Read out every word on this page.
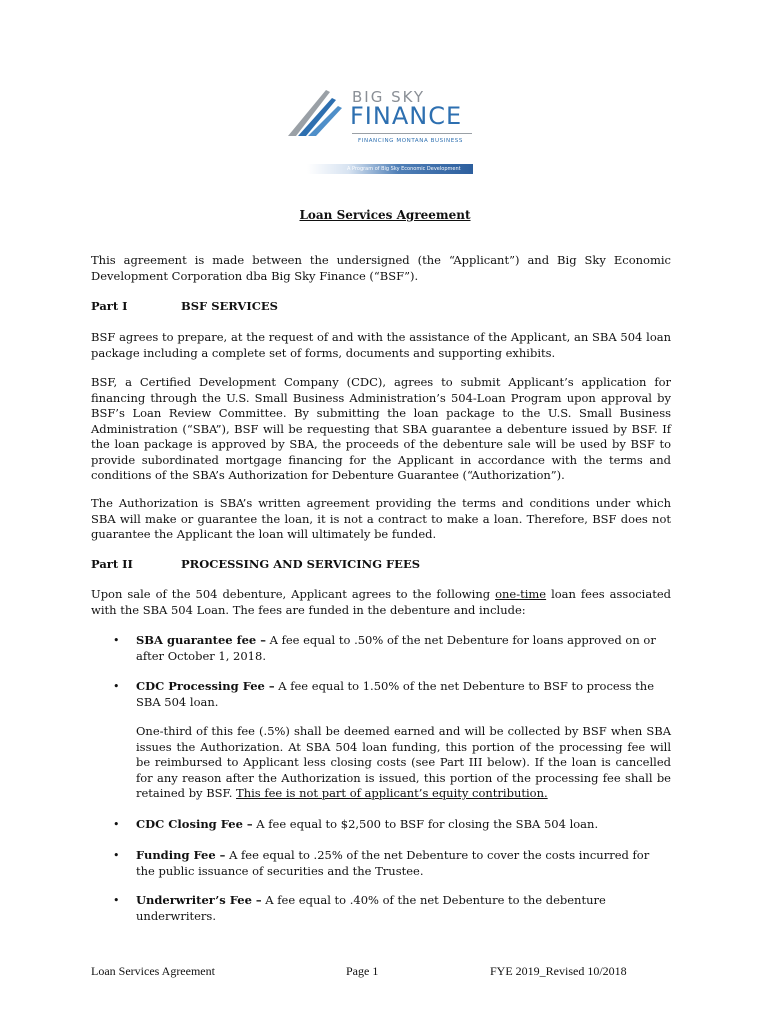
BIG SKY
FINANCE
FINANCING MONTANA BUSINESS
A Program of Big Sky Economic Development
Loan Services Agreement

This agreement is made between the undersigned (the “Applicant”) and Big Sky Economic Development Corporation dba Big Sky Finance (“BSF”).

Part I	BSF SERVICES

BSF agrees to prepare, at the request of and with the assistance of the Applicant, an SBA 504 loan package including a complete set of forms, documents and supporting exhibits.

BSF, a Certified Development Company (CDC), agrees to submit Applicant’s application for financing through the U.S. Small Business Administration’s 504-Loan Program upon approval by BSF’s Loan Review Committee. By submitting the loan package to the U.S. Small Business Administration (“SBA”), BSF will be requesting that SBA guarantee a debenture issued by BSF. If the loan package is approved by SBA, the proceeds of the debenture sale will be used by BSF to provide subordinated mortgage financing for the Applicant in accordance with the terms and conditions of the SBA’s Authorization for Debenture Guarantee (“Authorization”).

The Authorization is SBA’s written agreement providing the terms and conditions under which SBA will make or guarantee the loan, it is not a contract to make a loan. Therefore, BSF does not guarantee the Applicant the loan will ultimately be funded.

Part II	PROCESSING AND SERVICING FEES

Upon sale of the 504 debenture, Applicant agrees to the following one-time loan fees associated with the SBA 504 Loan. The fees are funded in the debenture and include:

• SBA guarantee fee – A fee equal to .50% of the net Debenture for loans approved on or after October 1, 2018.

• CDC Processing Fee – A fee equal to 1.50% of the net Debenture to BSF to process the SBA 504 loan.

One-third of this fee (.5%) shall be deemed earned and will be collected by BSF when SBA issues the Authorization. At SBA 504 loan funding, this portion of the processing fee will be reimbursed to Applicant less closing costs (see Part III below). If the loan is cancelled for any reason after the Authorization is issued, this portion of the processing fee shall be retained by BSF. This fee is not part of applicant’s equity contribution.

• CDC Closing Fee – A fee equal to $2,500 to BSF for closing the SBA 504 loan.

• Funding Fee – A fee equal to .25% of the net Debenture to cover the costs incurred for the public issuance of securities and the Trustee.

• Underwriter’s Fee – A fee equal to .40% of the net Debenture to the debenture underwriters.

Loan Services Agreement	Page 1	FYE 2019_Revised 10/2018
